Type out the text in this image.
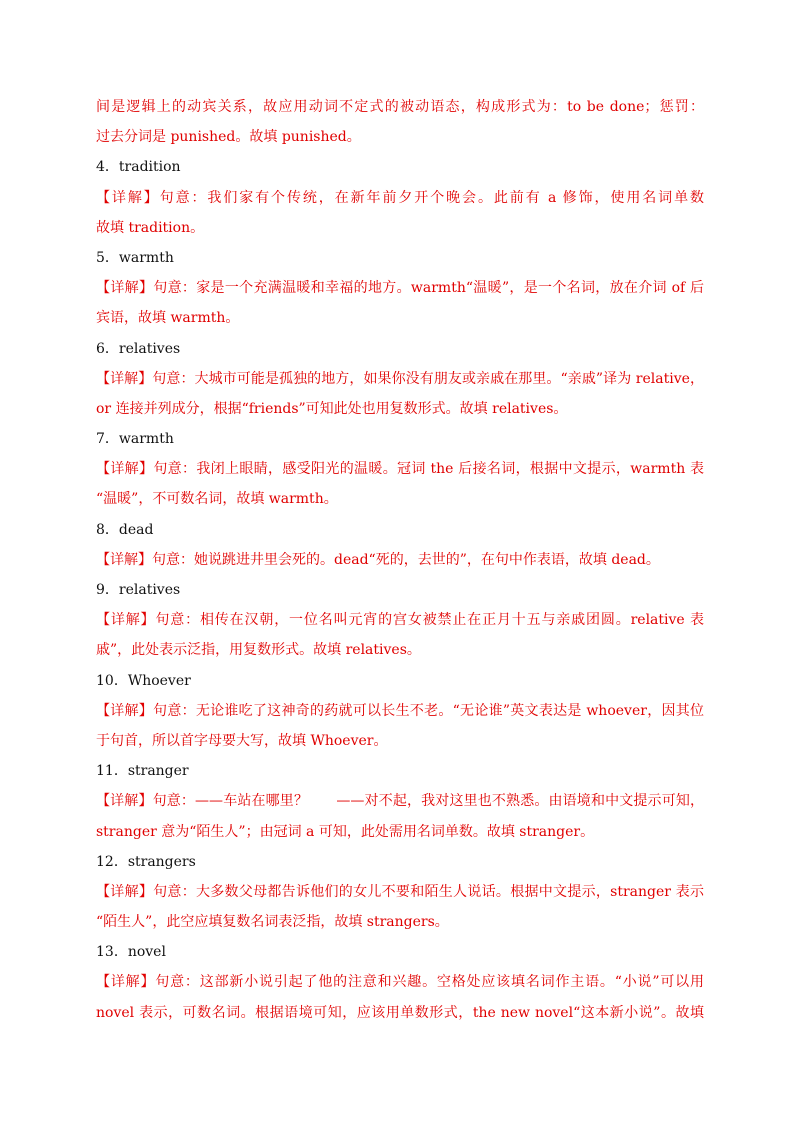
间是逻辑上的动宾关系，故应用动词不定式的被动语态，构成形式为：to be done；惩罚：
过去分词是 punished。故填 punished。
4．tradition
【详解】句意：我们家有个传统，在新年前夕开个晚会。此前有 a 修饰，使用名词单数
故填 tradition。
5．warmth
【详解】句意：家是一个充满温暖和幸福的地方。warmth“温暖”，是一个名词，放在介词 of 后
宾语，故填 warmth。
6．relatives
【详解】句意：大城市可能是孤独的地方，如果你没有朋友或亲戚在那里。“亲戚”译为 relative，
or 连接并列成分，根据“friends”可知此处也用复数形式。故填 relatives。
7．warmth
【详解】句意：我闭上眼睛，感受阳光的温暖。冠词 the 后接名词，根据中文提示，warmth 表
“温暖”，不可数名词，故填 warmth。
8．dead
【详解】句意：她说跳进井里会死的。dead“死的，去世的”，在句中作表语，故填 dead。
9．relatives
【详解】句意：相传在汉朝，一位名叫元宵的宫女被禁止在正月十五与亲戚团圆。relative 表
戚”，此处表示泛指，用复数形式。故填 relatives。
10．Whoever
【详解】句意：无论谁吃了这神奇的药就可以长生不老。“无论谁”英文表达是 whoever，因其位
于句首，所以首字母要大写，故填 Whoever。
11．stranger
【详解】句意：——车站在哪里？　　——对不起，我对这里也不熟悉。由语境和中文提示可知，
stranger 意为“陌生人”；由冠词 a 可知，此处需用名词单数。故填 stranger。
12．strangers
【详解】句意：大多数父母都告诉他们的女儿不要和陌生人说话。根据中文提示，stranger 表示
“陌生人”，此空应填复数名词表泛指，故填 strangers。
13．novel
【详解】句意：这部新小说引起了他的注意和兴趣。空格处应该填名词作主语。“小说”可以用
novel 表示，可数名词。根据语境可知，应该用单数形式，the new novel“这本新小说”。故填
